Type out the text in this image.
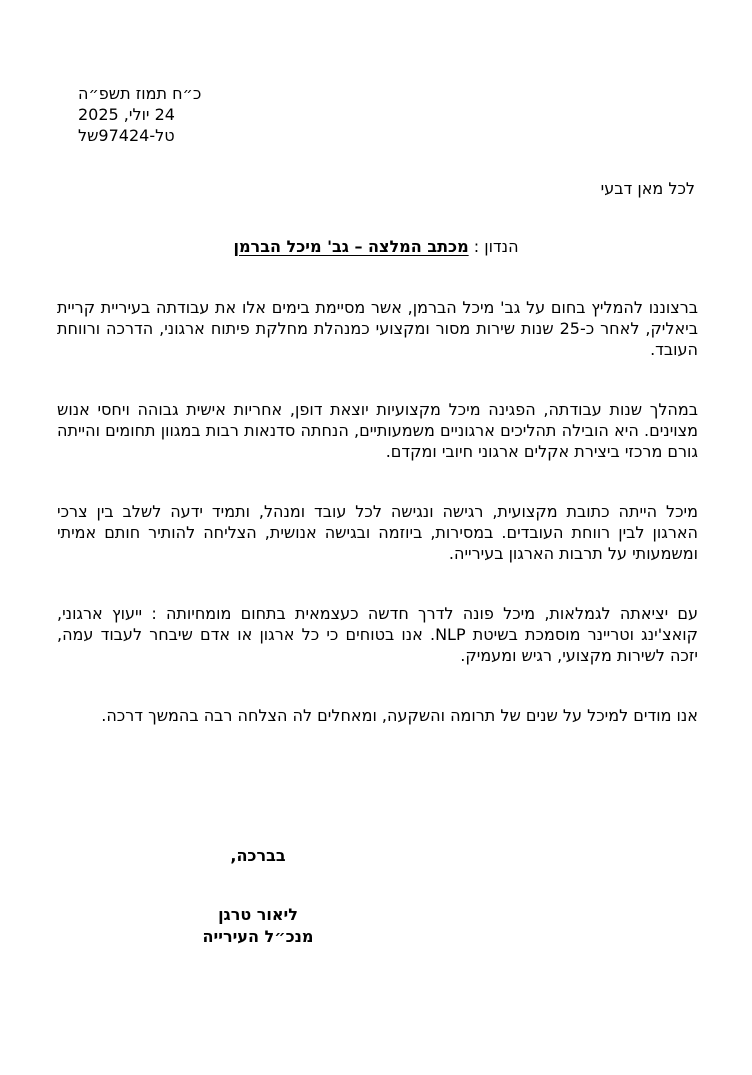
כ״ח תמוז תשפ״ה
24 יולי, 2025
לש97424-לט
לכל מאן דבעי
הנדון : מכתב המלצה – גב' מיכל הברמן

ברצוננו להמליץ בחום על גב' מיכל הברמן, אשר מסיימת בימים אלו את עבודתה בעיריית קריית ביאליק, לאחר כ-25 שנות שירות מסור ומקצועי כמנהלת מחלקת פיתוח ארגוני, הדרכה ורווחת העובד.

במהלך שנות עבודתה, הפגינה מיכל מקצועיות יוצאת דופן, אחריות אישית גבוהה ויחסי אנוש מצוינים. היא הובילה תהליכים ארגוניים משמעותיים, הנחתה סדנאות רבות במגוון תחומים והייתה גורם מרכזי ביצירת אקלים ארגוני חיובי ומקדם.

מיכל הייתה כתובת מקצועית, רגישה ונגישה לכל עובד ומנהל, ותמיד ידעה לשלב בין צרכי הארגון לבין רווחת העובדים. במסירות, ביוזמה ובגישה אנושית, הצליחה להותיר חותם אמיתי ומשמעותי על תרבות הארגון בעירייה.

עם יציאתה לגמלאות, מיכל פונה לדרך חדשה כעצמאית בתחום מומחיותה : ייעוץ ארגוני, קואצ'ינג וטריינר מוסמכת בשיטת NLP. אנו בטוחים כי כל ארגון או אדם שיבחר לעבוד עמה, יזכה לשירות מקצועי, רגיש ומעמיק.

אנו מודים למיכל על שנים של תרומה והשקעה, ומאחלים לה הצלחה רבה בהמשך דרכה.

בברכה,
ליאור טרגן
מנכ״ל העירייה
